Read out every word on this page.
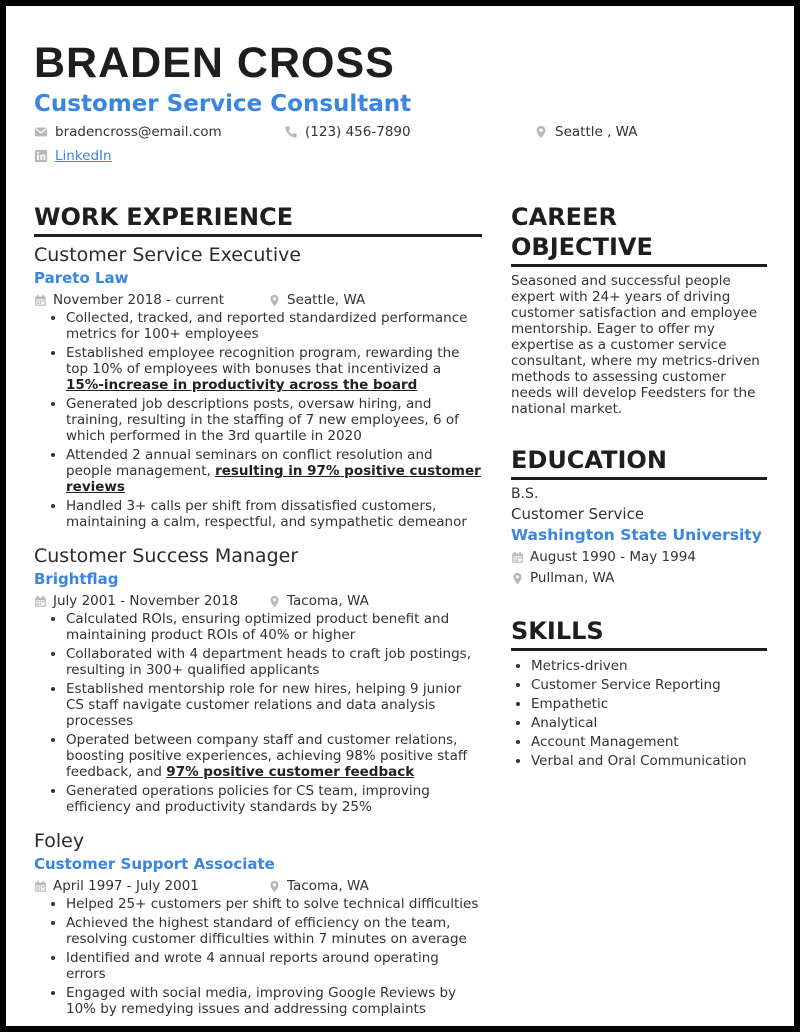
BRADEN CROSS
Customer Service Consultant
bradencross@email.com	(123) 456-7890	Seattle , WA
LinkedIn
WORK EXPERIENCE
Customer Service Executive
Pareto Law
November 2018 - current	Seattle, WA
• Collected, tracked, and reported standardized performance metrics for 100+ employees
• Established employee recognition program, rewarding the top 10% of employees with bonuses that incentivized a 15%-increase in productivity across the board
• Generated job descriptions posts, oversaw hiring, and training, resulting in the staffing of 7 new employees, 6 of which performed in the 3rd quartile in 2020
• Attended 2 annual seminars on conflict resolution and people management, resulting in 97% positive customer reviews
• Handled 3+ calls per shift from dissatisfied customers, maintaining a calm, respectful, and sympathetic demeanor
Customer Success Manager
Brightflag
July 2001 - November 2018	Tacoma, WA
• Calculated ROIs, ensuring optimized product benefit and maintaining product ROIs of 40% or higher
• Collaborated with 4 department heads to craft job postings, resulting in 300+ qualified applicants
• Established mentorship role for new hires, helping 9 junior CS staff navigate customer relations and data analysis processes
• Operated between company staff and customer relations, boosting positive experiences, achieving 98% positive staff feedback, and 97% positive customer feedback
• Generated operations policies for CS team, improving efficiency and productivity standards by 25%
Foley
Customer Support Associate
April 1997 - July 2001	Tacoma, WA
• Helped 25+ customers per shift to solve technical difficulties
• Achieved the highest standard of efficiency on the team, resolving customer difficulties within 7 minutes on average
• Identified and wrote 4 annual reports around operating errors
• Engaged with social media, improving Google Reviews by 10% by remedying issues and addressing complaints
CAREER OBJECTIVE
Seasoned and successful people expert with 24+ years of driving customer satisfaction and employee mentorship. Eager to offer my expertise as a customer service consultant, where my metrics-driven methods to assessing customer needs will develop Feedsters for the national market.
EDUCATION
B.S.
Customer Service
Washington State University
August 1990 - May 1994
Pullman, WA
SKILLS
• Metrics-driven
• Customer Service Reporting
• Empathetic
• Analytical
• Account Management
• Verbal and Oral Communication
